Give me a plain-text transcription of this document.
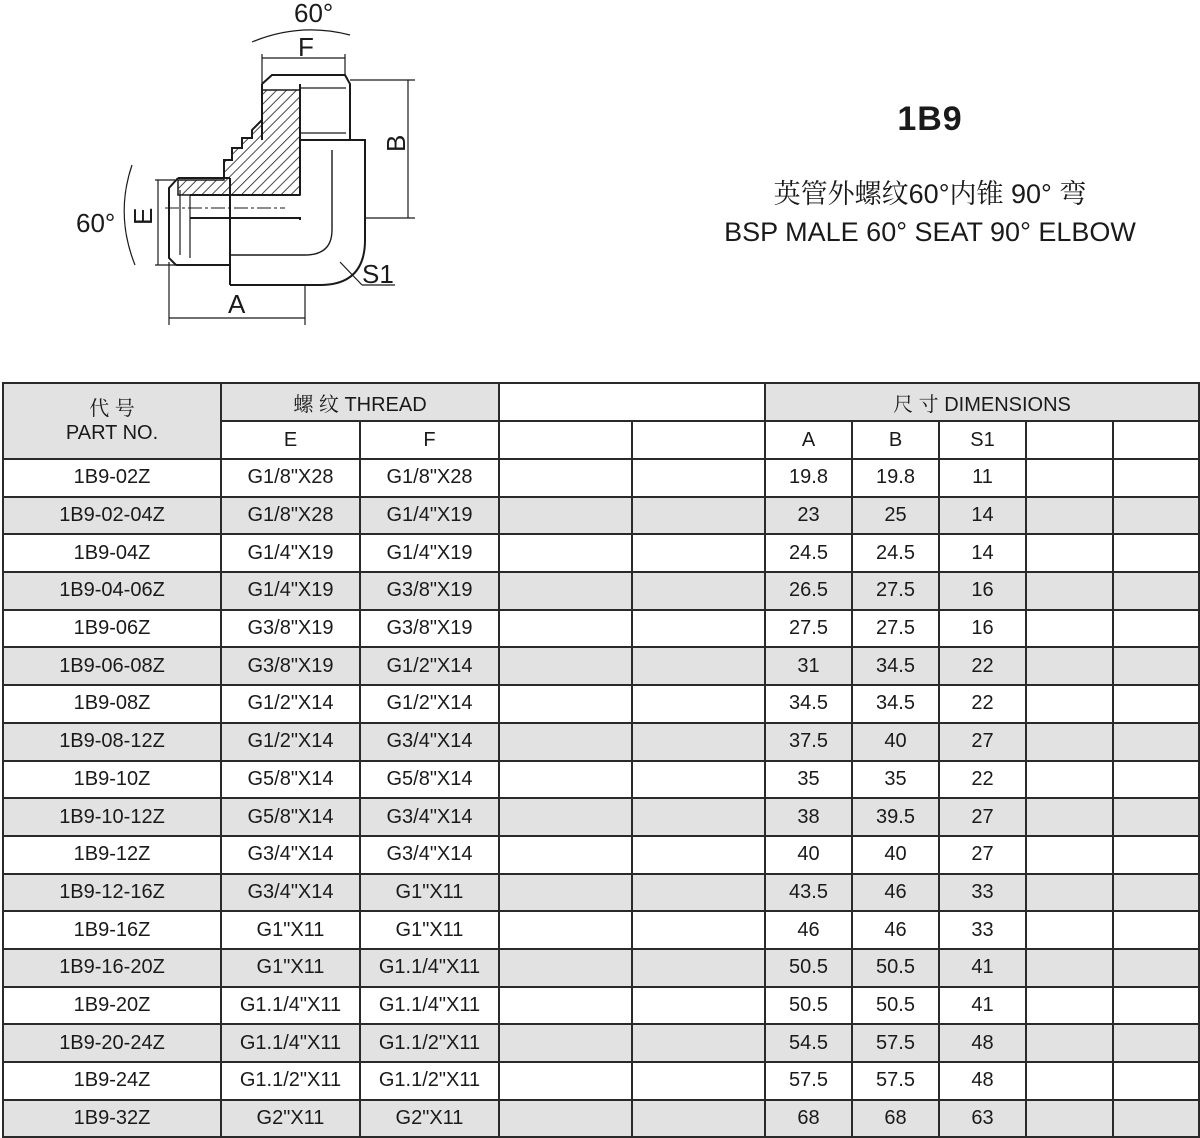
60°
F
B
60° E
S1
A

1B9

英管外螺纹60°内锥 90° 弯

BSP MALE 60° SEAT 90° ELBOW

代 号
PART NO.	螺 纹 THREAD				尺 寸 DIMENSIONS				
	E	F			A	B	S1		
1B9-02Z	G1/8"X28	G1/8"X28			19.8	19.8	11		
1B9-02-04Z	G1/8"X28	G1/4"X19			23	25	14		
1B9-04Z	G1/4"X19	G1/4"X19			24.5	24.5	14		
1B9-04-06Z	G1/4"X19	G3/8"X19			26.5	27.5	16		
1B9-06Z	G3/8"X19	G3/8"X19			27.5	27.5	16		
1B9-06-08Z	G3/8"X19	G1/2"X14			31	34.5	22		
1B9-08Z	G1/2"X14	G1/2"X14			34.5	34.5	22		
1B9-08-12Z	G1/2"X14	G3/4"X14			37.5	40	27		
1B9-10Z	G5/8"X14	G5/8"X14			35	35	22		
1B9-10-12Z	G5/8"X14	G3/4"X14			38	39.5	27		
1B9-12Z	G3/4"X14	G3/4"X14			40	40	27		
1B9-12-16Z	G3/4"X14	G1"X11			43.5	46	33		
1B9-16Z	G1"X11	G1"X11			46	46	33		
1B9-16-20Z	G1"X11	G1.1/4"X11			50.5	50.5	41		
1B9-20Z	G1.1/4"X11	G1.1/4"X11			50.5	50.5	41		
1B9-20-24Z	G1.1/4"X11	G1.1/2"X11			54.5	57.5	48		
1B9-24Z	G1.1/2"X11	G1.1/2"X11			57.5	57.5	48		
1B9-32Z	G2"X11	G2"X11			68	68	63		
